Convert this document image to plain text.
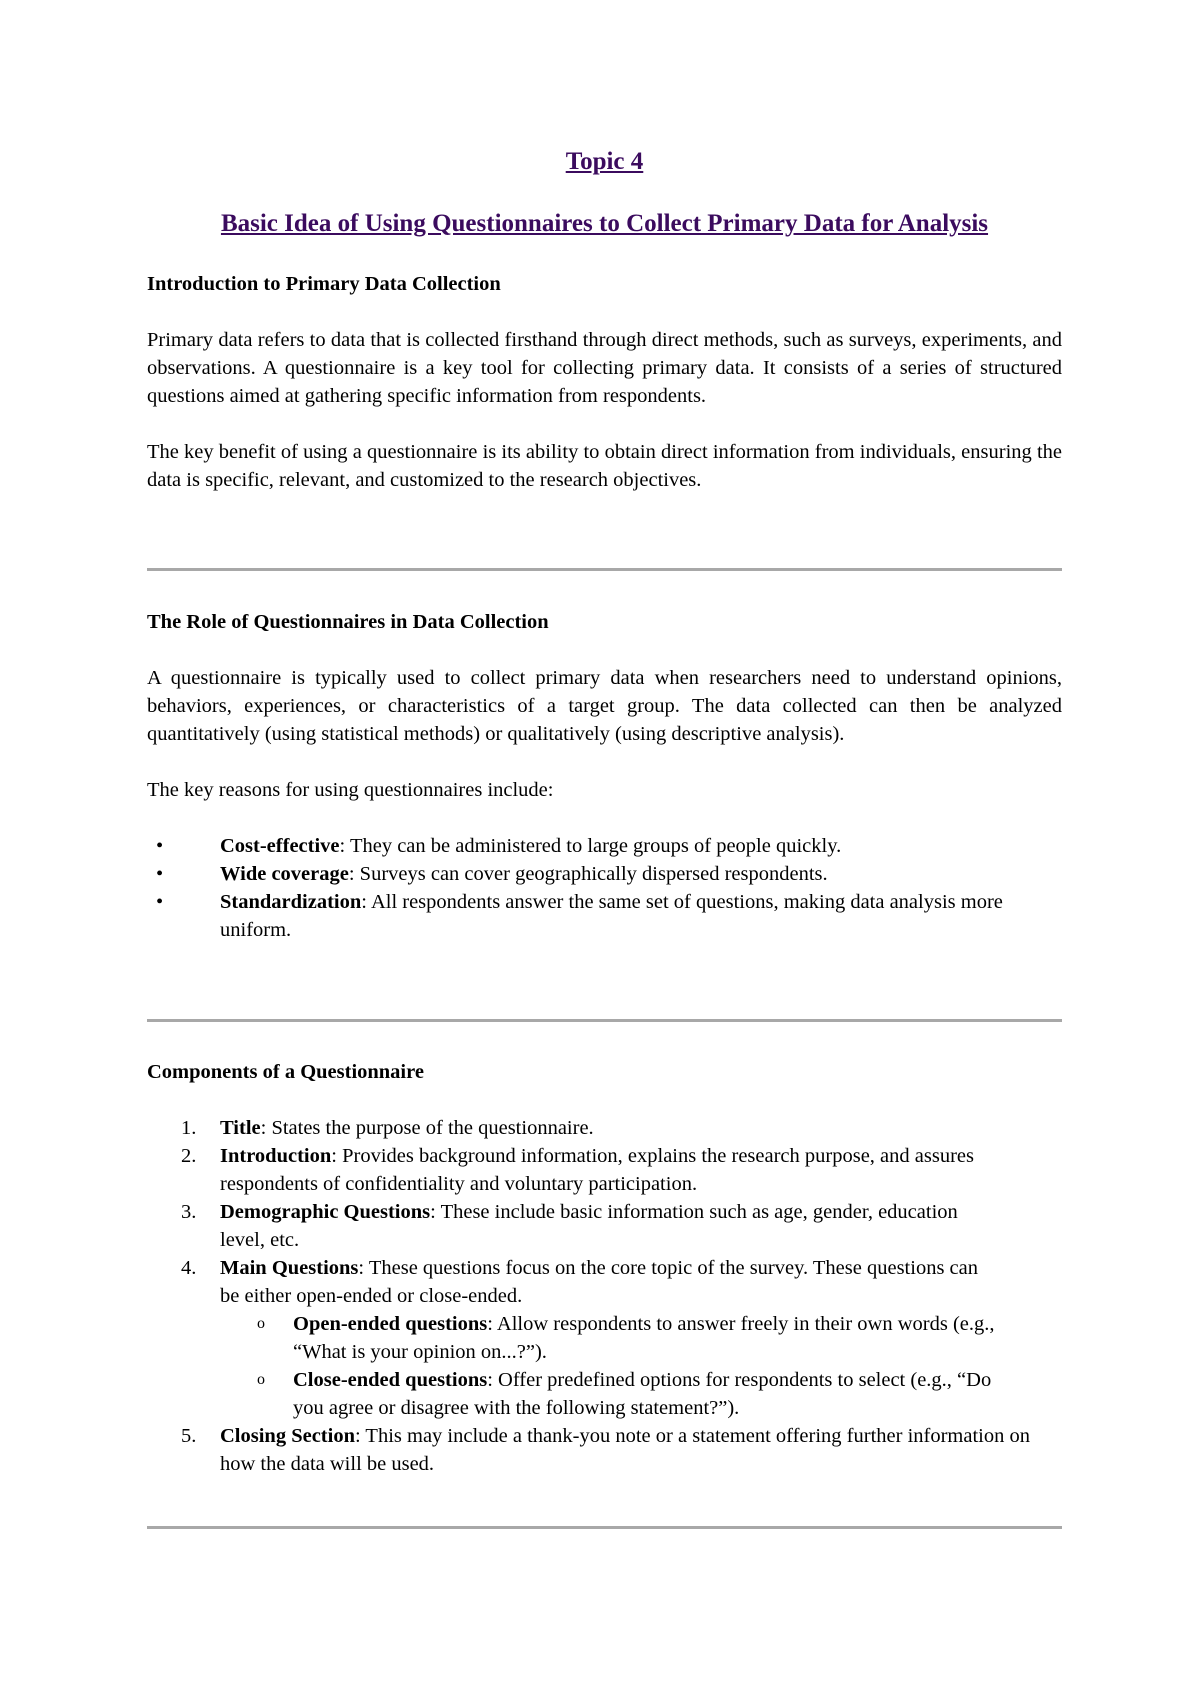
Topic 4
Basic Idea of Using Questionnaires to Collect Primary Data for Analysis
Introduction to Primary Data Collection

Primary data refers to data that is collected firsthand through direct methods, such as surveys, experiments, and observations. A questionnaire is a key tool for collecting primary data. It consists of a series of structured questions aimed at gathering specific information from respondents.

The key benefit of using a questionnaire is its ability to obtain direct information from individuals, ensuring the data is specific, relevant, and customized to the research objectives.

The Role of Questionnaires in Data Collection

A questionnaire is typically used to collect primary data when researchers need to understand opinions, behaviors, experiences, or characteristics of a target group. The data collected can then be analyzed quantitatively (using statistical methods) or qualitatively (using descriptive analysis).

The key reasons for using questionnaires include:

•	Cost-effective: They can be administered to large groups of people quickly.
•	Wide coverage: Surveys can cover geographically dispersed respondents.
•	Standardization: All respondents answer the same set of questions, making data analysis more uniform.
Components of a Questionnaire
1. Title: States the purpose of the questionnaire.
2. Introduction: Provides background information, explains the research purpose, and assures respondents of confidentiality and voluntary participation.
3. Demographic Questions: These include basic information such as age, gender, education level, etc.
4. Main Questions: These questions focus on the core topic of the survey. These questions can be either open-ended or close-ended.
o Open-ended questions: Allow respondents to answer freely in their own words (e.g., “What is your opinion on...?”).
o Close-ended questions: Offer predefined options for respondents to select (e.g., “Do you agree or disagree with the following statement?”).
5. Closing Section: This may include a thank-you note or a statement offering further information on how the data will be used.
